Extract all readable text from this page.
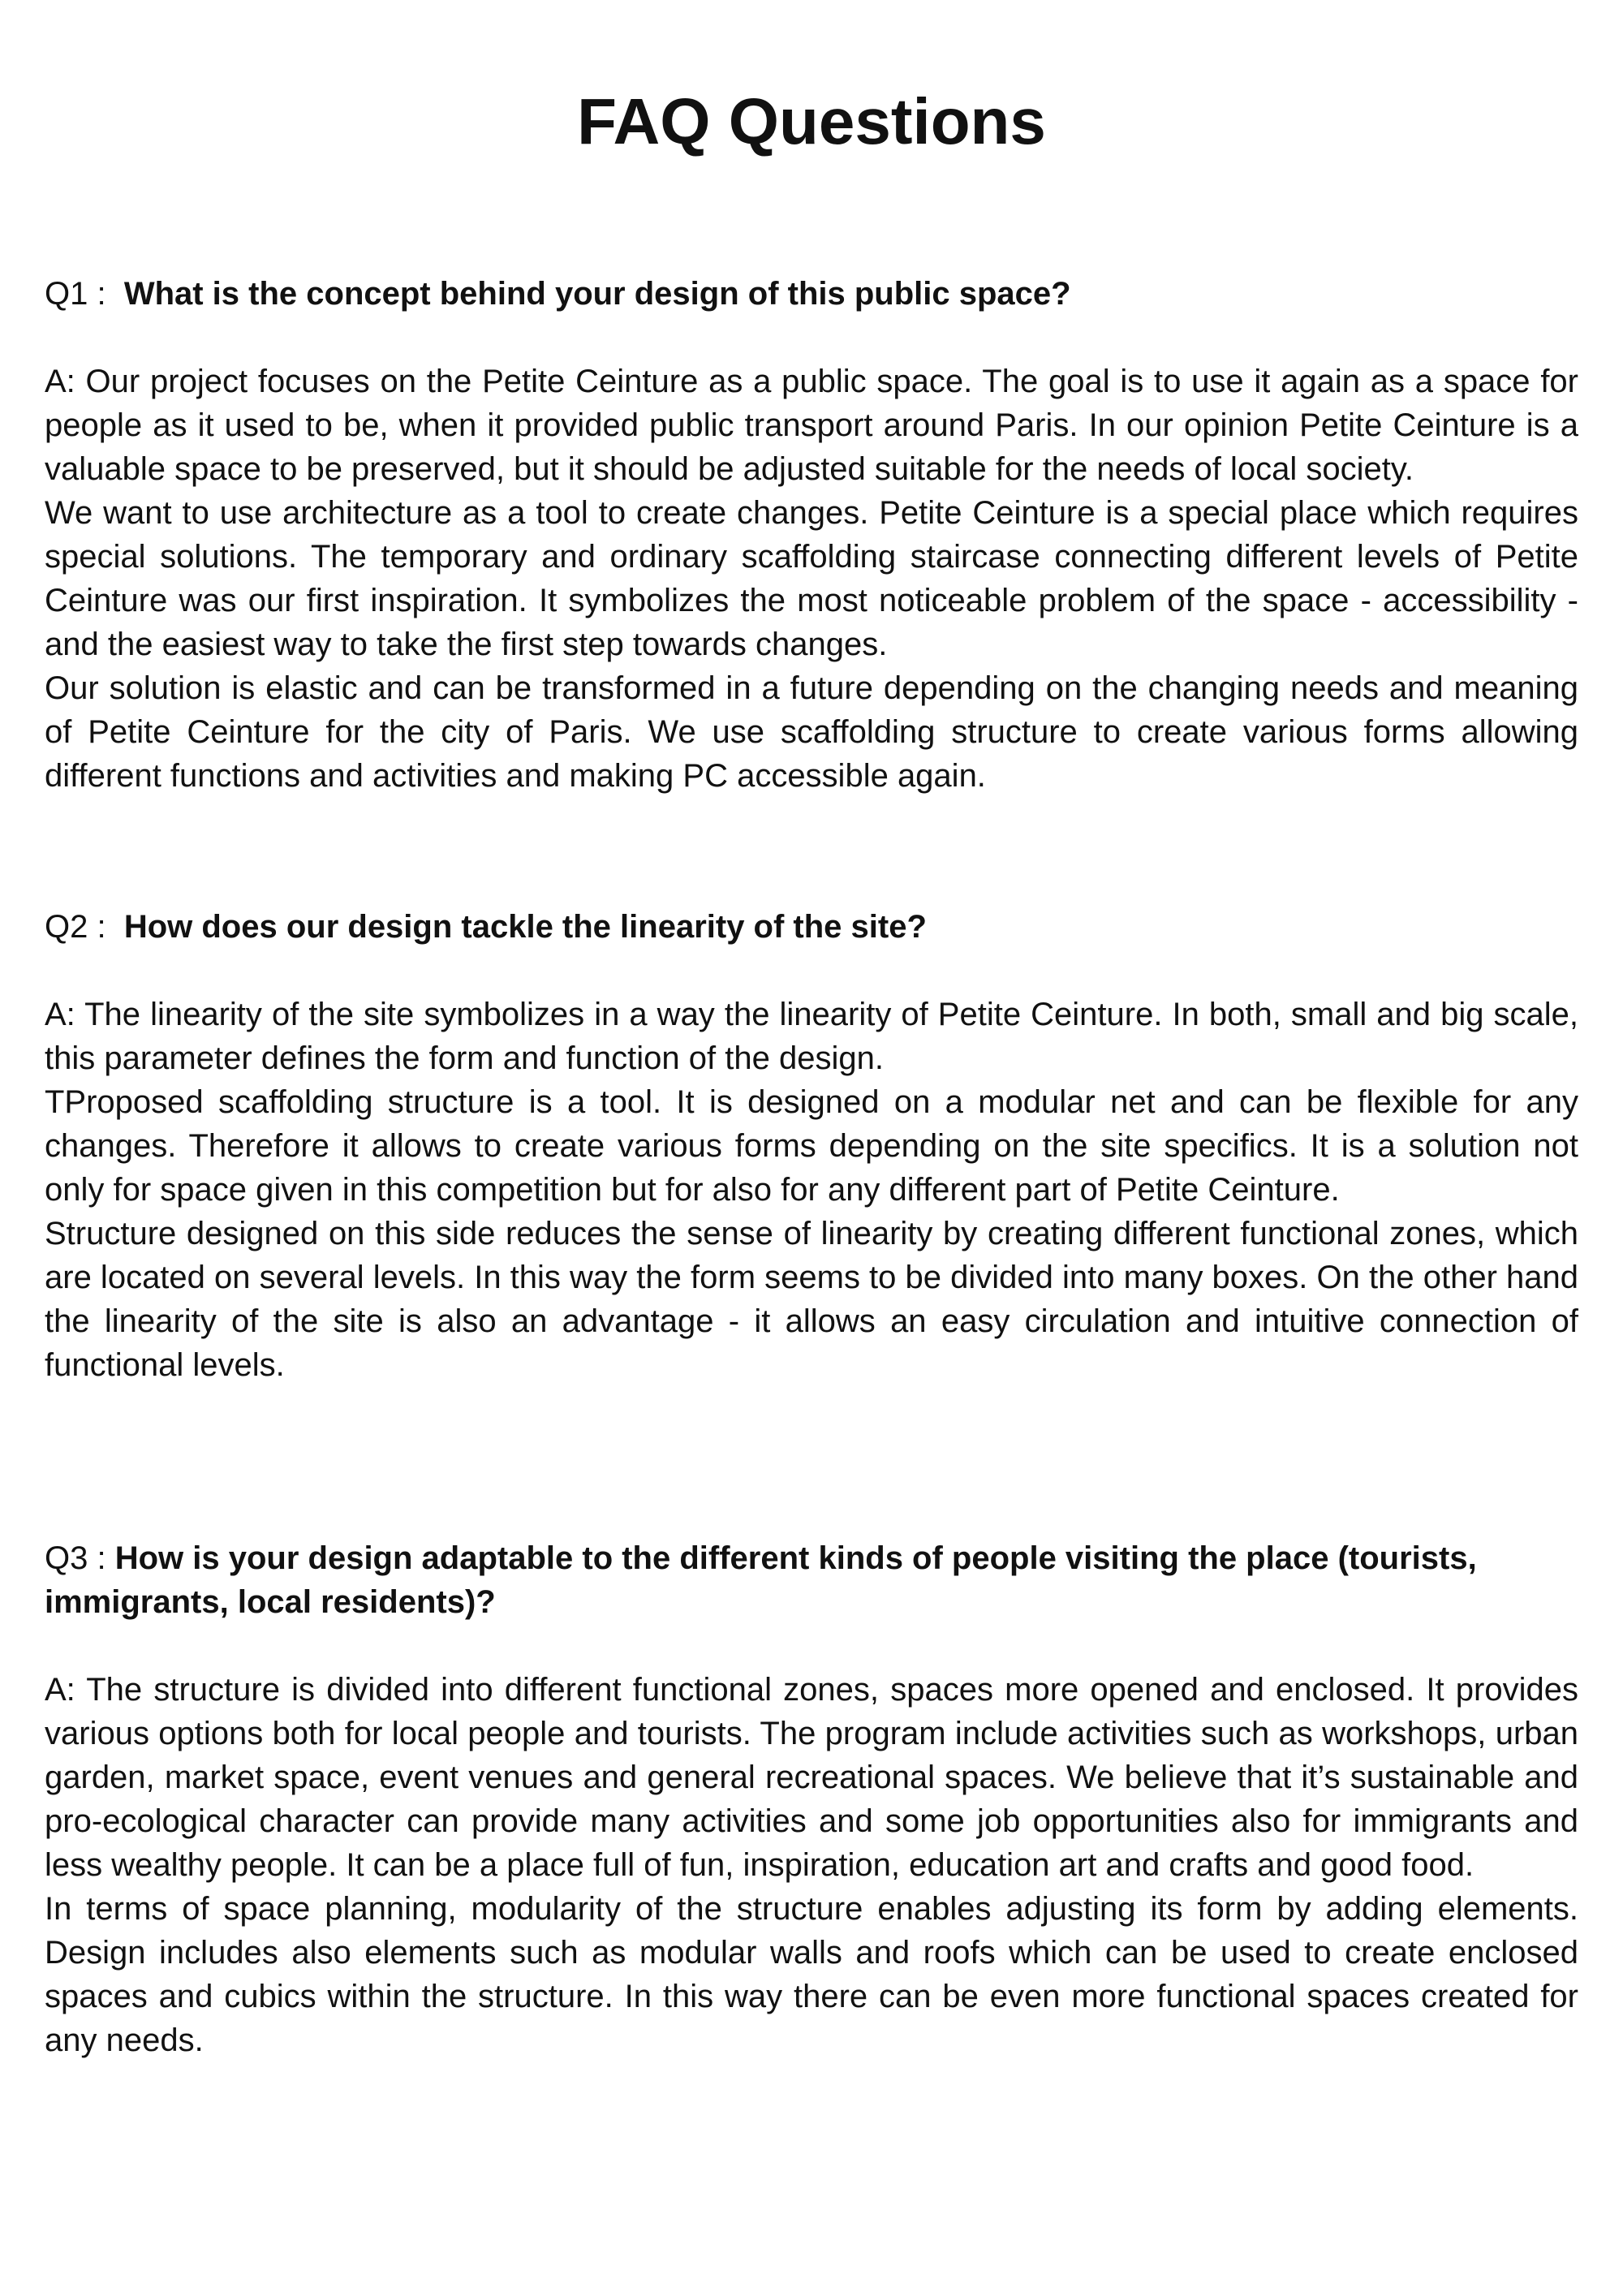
FAQ Questions

Q1 :  What is the concept behind your design of this public space?

A: Our project focuses on the Petite Ceinture as a public space. The goal is to use it again as a space for people as it used to be, when it provided public transport around Paris. In our opinion Petite Ceinture is a valuable space to be preserved, but it should be adjusted suitable for the needs of local society.

We want to use architecture as a tool to create changes. Petite Ceinture is a special place which requires special solutions. The temporary and ordinary scaffolding staircase connecting different levels of Petite Ceinture was our first inspiration. It symbolizes the most noticeable problem of the space - accessibility - and the easiest way to take the first step towards changes.

Our solution is elastic and can be transformed in a future depending on the changing needs and meaning of Petite Ceinture for the city of Paris. We use scaffolding structure to create various forms allowing different functions and activities and making PC accessible again.

Q2 :  How does our design tackle the linearity of the site?

A: The linearity of the site symbolizes in a way the linearity of Petite Ceinture. In both, small and big scale, this parameter defines the form and function of the design.

TProposed scaffolding structure is a tool. It is designed on a modular net and can be flexible for any changes. Therefore it allows to create various forms depending on the site specifics. It is a solution not only for space given in this competition but for also for any different part of Petite Ceinture.

Structure designed on this side reduces the sense of linearity by creating different functional zones, which are located on several levels. In this way the form seems to be divided into many boxes. On the other hand the linearity of the site is also an advantage - it allows an easy circulation and intuitive connection of functional levels.

Q3 : How is your design adaptable to the different kinds of people visiting the place (tourists, immigrants, local residents)?

A: The structure is divided into different functional zones, spaces more opened and enclosed. It provides various options both for local people and tourists. The program include activities such as workshops, urban garden, market space, event venues and general recreational spaces. We believe that it’s sustainable and pro-ecological character can provide many activities and some job opportunities also for immigrants and less wealthy people. It can be a place full of fun, inspiration, education art and crafts and good food.

In terms of space planning, modularity of the structure enables adjusting its form by adding elements. Design includes also elements such as modular walls and roofs which can be used to create enclosed spaces and cubics within the structure. In this way there can be even more functional spaces created for any needs.
